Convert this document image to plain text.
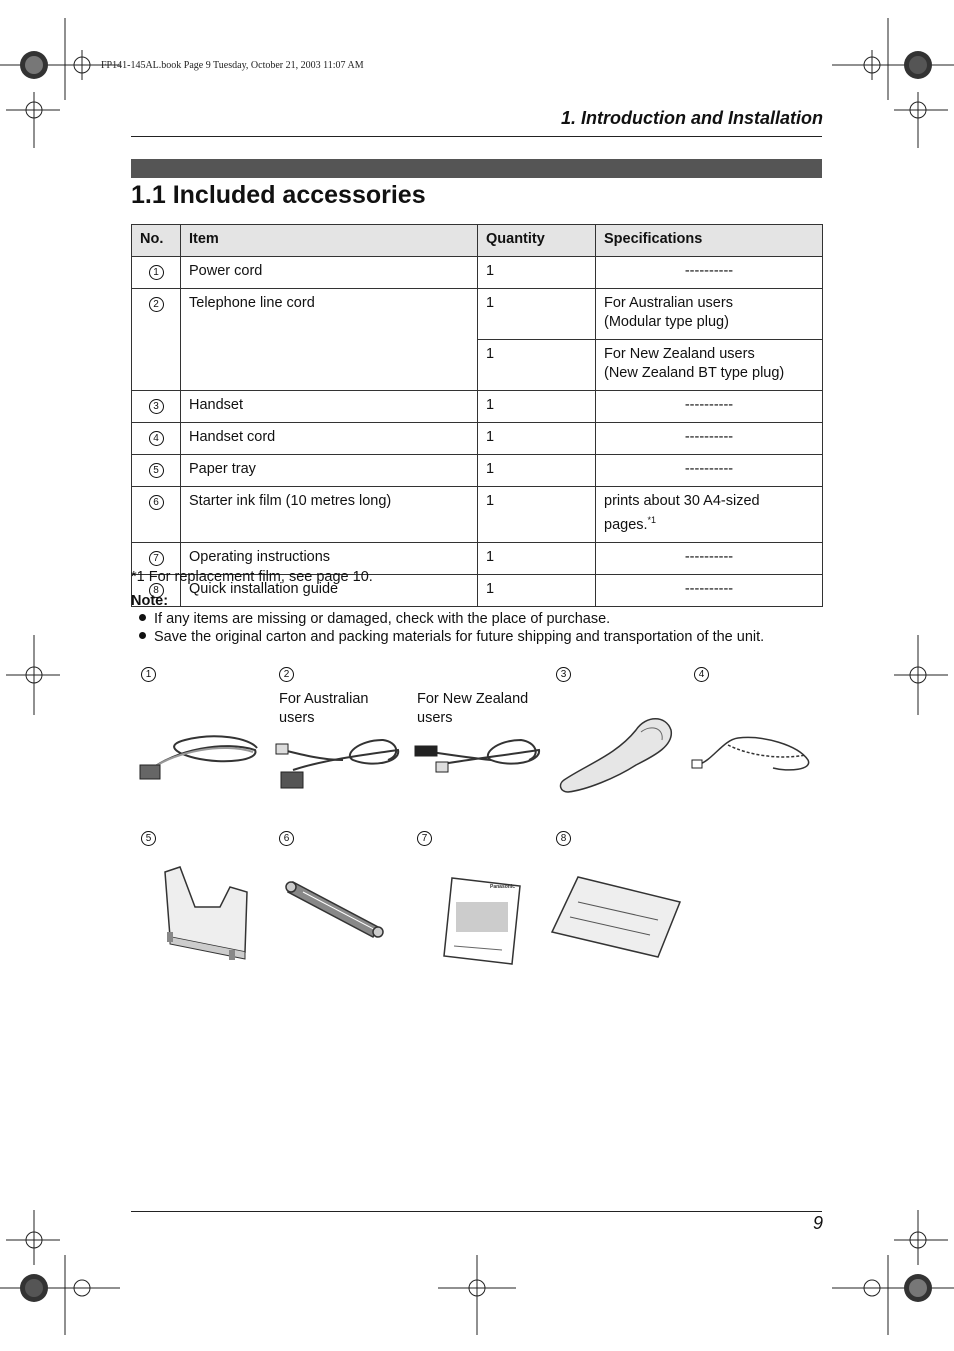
FP141-145AL.book Page 9 Tuesday, October 21, 2003 11:07 AM
1. Introduction and Installation
1.1 Included accessories
No.	Item	Quantity	Specifications
1	Power cord	1	----------
2	Telephone line cord	1	For Australian users
(Modular type plug)
		1	For New Zealand users
(New Zealand BT type plug)
3	Handset	1	----------
4	Handset cord	1	----------
5	Paper tray	1	----------
6	Starter ink film (10 metres long)	1	prints about 30 A4-sized
pages.$^{*1}$
7	Operating instructions	1	----------
8	Quick installation guide	1	----------
*1 For replacement film, see page 10.
Note:
If any items are missing or damaged, check with the place of purchase.
Save the original carton and packing materials for future shipping and transportation of the unit.
1	2	3	4
For Australian
users
For New Zealand
users
5	6	7	8
Panasonic
9
